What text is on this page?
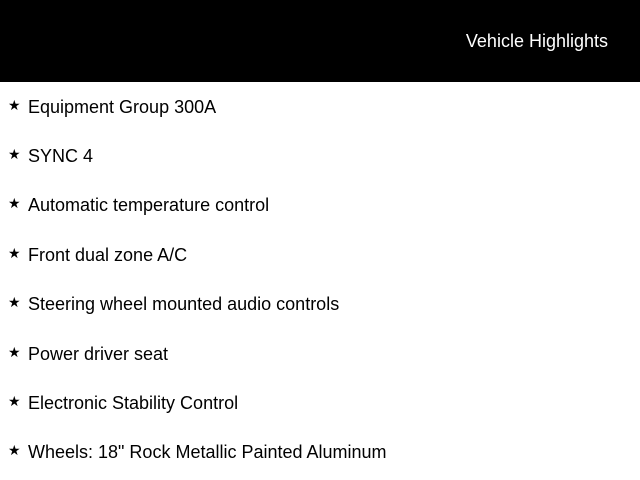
Vehicle Highlights
★ Equipment Group 300A
★ SYNC 4
★ Automatic temperature control
★ Front dual zone A/C
★ Steering wheel mounted audio controls
★ Power driver seat
★ Electronic Stability Control
★ Wheels: 18" Rock Metallic Painted Aluminum
